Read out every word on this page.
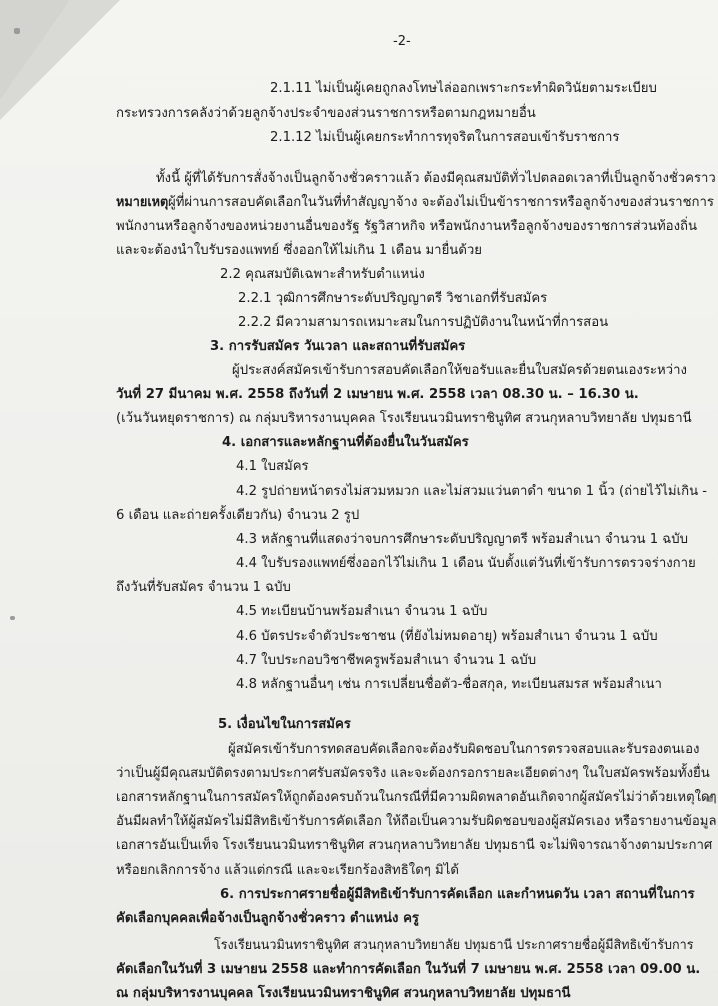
-2-
2.1.11 ไม่เป็นผู้เคยถูกลงโทษไล่ออกเพราะกระทำผิดวินัยตามระเบียบ
กระทรวงการคลังว่าด้วยลูกจ้างประจำของส่วนราชการหรือตามกฎหมายอื่น
2.1.12 ไม่เป็นผู้เคยกระทำการทุจริตในการสอบเข้ารับราชการ
ทั้งนี้ ผู้ที่ได้รับการสั่งจ้างเป็นลูกจ้างชั่วคราวแล้ว ต้องมีคุณสมบัติทั่วไปตลอดเวลาที่เป็นลูกจ้างชั่วคราว
หมายเหตุ ผู้ที่ผ่านการสอบคัดเลือกในวันที่ทำสัญญาจ้าง จะต้องไม่เป็นข้าราชการหรือลูกจ้างของส่วนราชการ
พนักงานหรือลูกจ้างของหน่วยงานอื่นของรัฐ รัฐวิสาหกิจ หรือพนักงานหรือลูกจ้างของราชการส่วนท้องถิ่น
และจะต้องนำใบรับรองแพทย์ ซึ่งออกให้ไม่เกิน 1 เดือน มายื่นด้วย
2.2 คุณสมบัติเฉพาะสำหรับตำแหน่ง
2.2.1 วุฒิการศึกษาระดับปริญญาตรี วิชาเอกที่รับสมัคร
2.2.2 มีความสามารถเหมาะสมในการปฏิบัติงานในหน้าที่การสอน
3. การรับสมัคร วันเวลา และสถานที่รับสมัคร
ผู้ประสงค์สมัครเข้ารับการสอบคัดเลือกให้ขอรับและยื่นใบสมัครด้วยตนเองระหว่าง
วันที่ 27 มีนาคม พ.ศ. 2558 ถึงวันที่ 2 เมษายน พ.ศ. 2558 เวลา 08.30 น. – 16.30 น.
(เว้นวันหยุดราชการ) ณ กลุ่มบริหารงานบุคคล โรงเรียนนวมินทราชินูทิศ สวนกุหลาบวิทยาลัย ปทุมธานี
4. เอกสารและหลักฐานที่ต้องยื่นในวันสมัคร
4.1 ใบสมัคร
4.2 รูปถ่ายหน้าตรงไม่สวมหมวก และไม่สวมแว่นตาดำ ขนาด 1 นิ้ว (ถ่ายไว้ไม่เกิน -
6 เดือน และถ่ายครั้งเดียวกัน) จำนวน 2 รูป
4.3 หลักฐานที่แสดงว่าจบการศึกษาระดับปริญญาตรี พร้อมสำเนา จำนวน 1 ฉบับ
4.4 ใบรับรองแพทย์ซึ่งออกไว้ไม่เกิน 1 เดือน นับตั้งแต่วันที่เข้ารับการตรวจร่างกาย
ถึงวันที่รับสมัคร จำนวน 1 ฉบับ
4.5 ทะเบียนบ้านพร้อมสำเนา จำนวน 1 ฉบับ
4.6 บัตรประจำตัวประชาชน (ที่ยังไม่หมดอายุ) พร้อมสำเนา จำนวน 1 ฉบับ
4.7 ใบประกอบวิชาชีพครูพร้อมสำเนา จำนวน 1 ฉบับ
4.8 หลักฐานอื่นๆ เช่น การเปลี่ยนชื่อตัว-ชื่อสกุล, ทะเบียนสมรส พร้อมสำเนา
5. เงื่อนไขในการสมัคร
ผู้สมัครเข้ารับการทดสอบคัดเลือกจะต้องรับผิดชอบในการตรวจสอบและรับรองตนเอง
ว่าเป็นผู้มีคุณสมบัติตรงตามประกาศรับสมัครจริง และจะต้องกรอกรายละเอียดต่างๆ ในใบสมัครพร้อมทั้งยื่น
เอกสารหลักฐานในการสมัครให้ถูกต้องครบถ้วนในกรณีที่มีความผิดพลาดอันเกิดจากผู้สมัครไม่ว่าด้วยเหตุใดๆ
อันมีผลทำให้ผู้สมัครไม่มีสิทธิเข้ารับการคัดเลือก ให้ถือเป็นความรับผิดชอบของผู้สมัครเอง หรือรายงานข้อมูล
เอกสารอันเป็นเท็จ โรงเรียนนวมินทราชินูทิศ สวนกุหลาบวิทยาลัย ปทุมธานี จะไม่พิจารณาจ้างตามประกาศ
หรือยกเลิกการจ้าง แล้วแต่กรณี และจะเรียกร้องสิทธิใดๆ มิได้
6. การประกาศรายชื่อผู้มีสิทธิเข้ารับการคัดเลือก และกำหนดวัน เวลา สถานที่ในการ
คัดเลือกบุคคลเพื่อจ้างเป็นลูกจ้างชั่วคราว ตำแหน่ง ครู
โรงเรียนนวมินทราชินูทิศ สวนกุหลาบวิทยาลัย ปทุมธานี ประกาศรายชื่อผู้มีสิทธิเข้ารับการ
คัดเลือกในวันที่ 3 เมษายน 2558 และทำการคัดเลือก ในวันที่ 7 เมษายน พ.ศ. 2558 เวลา 09.00 น.
ณ กลุ่มบริหารงานบุคคล โรงเรียนนวมินทราชินูทิศ สวนกุหลาบวิทยาลัย ปทุมธานี
